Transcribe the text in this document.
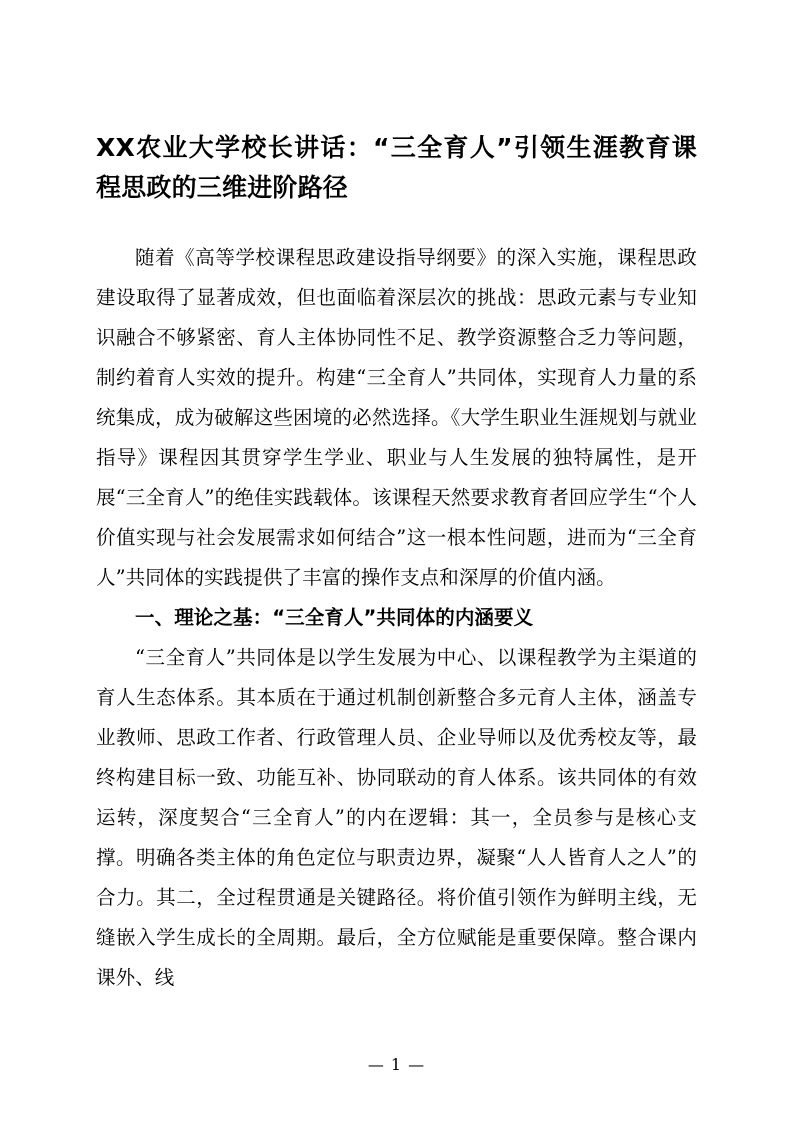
XX农业大学校长讲话：“三全育人”引领生涯教育课程思政的三维进阶路径

随着《高等学校课程思政建设指导纲要》的深入实施，课程思政建设取得了显著成效，但也面临着深层次的挑战：思政元素与专业知识融合不够紧密、育人主体协同性不足、教学资源整合乏力等问题，制约着育人实效的提升。构建“三全育人”共同体，实现育人力量的系统集成，成为破解这些困境的必然选择。《大学生职业生涯规划与就业指导》课程因其贯穿学生学业、职业与人生发展的独特属性，是开展“三全育人”的绝佳实践载体。该课程天然要求教育者回应学生“个人价值实现与社会发展需求如何结合”这一根本性问题，进而为“三全育人”共同体的实践提供了丰富的操作支点和深厚的价值内涵。

一、理论之基：“三全育人”共同体的内涵要义

“三全育人”共同体是以学生发展为中心、以课程教学为主渠道的育人生态体系。其本质在于通过机制创新整合多元育人主体，涵盖专业教师、思政工作者、行政管理人员、企业导师以及优秀校友等，最终构建目标一致、功能互补、协同联动的育人体系。该共同体的有效运转，深度契合“三全育人”的内在逻辑：其一，全员参与是核心支撑。明确各类主体的角色定位与职责边界，凝聚“人人皆育人之人”的合力。其二，全过程贯通是关键路径。将价值引领作为鲜明主线，无缝嵌入学生成长的全周期。最后，全方位赋能是重要保障。整合课内课外、线

— 1 —
